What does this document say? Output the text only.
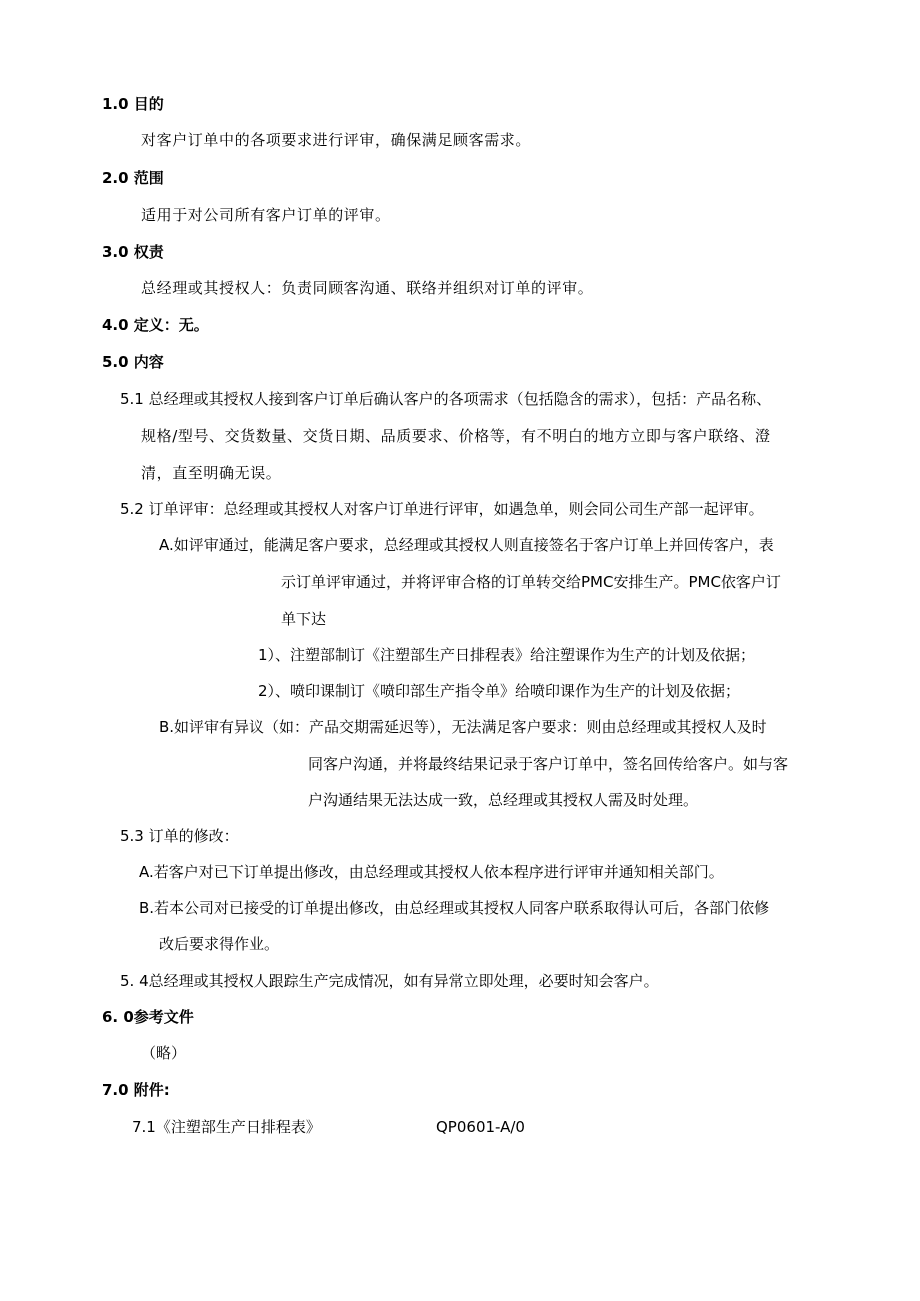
1.0 目的
对客户订单中的各项要求进行评审，确保满足顾客需求。
2.0 范围
适用于对公司所有客户订单的评审。
3.0 权责
总经理或其授权人：负责同顾客沟通、联络并组织对订单的评审。
4.0 定义：无。
5.0 内容
5.1 总经理或其授权人接到客户订单后确认客户的各项需求（包括隐含的需求），包括：产品名称、
规格/型号、交货数量、交货日期、品质要求、价格等，有不明白的地方立即与客户联络、澄
清，直至明确无误。
5.2 订单评审：总经理或其授权人对客户订单进行评审，如遇急单，则会同公司生产部一起评审。
A.如评审通过，能满足客户要求，总经理或其授权人则直接签名于客户订单上并回传客户，表
示订单评审通过，并将评审合格的订单转交给PMC安排生产。PMC依客户订
单下达
1）、注塑部制订《注塑部生产日排程表》给注塑课作为生产的计划及依据；
2）、喷印课制订《喷印部生产指令单》给喷印课作为生产的计划及依据；
B.如评审有异议（如：产品交期需延迟等），无法满足客户要求：则由总经理或其授权人及时
同客户沟通，并将最终结果记录于客户订单中，签名回传给客户。如与客
户沟通结果无法达成一致，总经理或其授权人需及时处理。
5.3 订单的修改：
A.若客户对已下订单提出修改，由总经理或其授权人依本程序进行评审并通知相关部门。
B.若本公司对已接受的订单提出修改，由总经理或其授权人同客户联系取得认可后，各部门依修
改后要求得作业。
5. 4总经理或其授权人跟踪生产完成情况，如有异常立即处理，必要时知会客户。
6. 0参考文件
（略）
7.0 附件:
7.1《注塑部生产日排程表》	QP0601-A/0
